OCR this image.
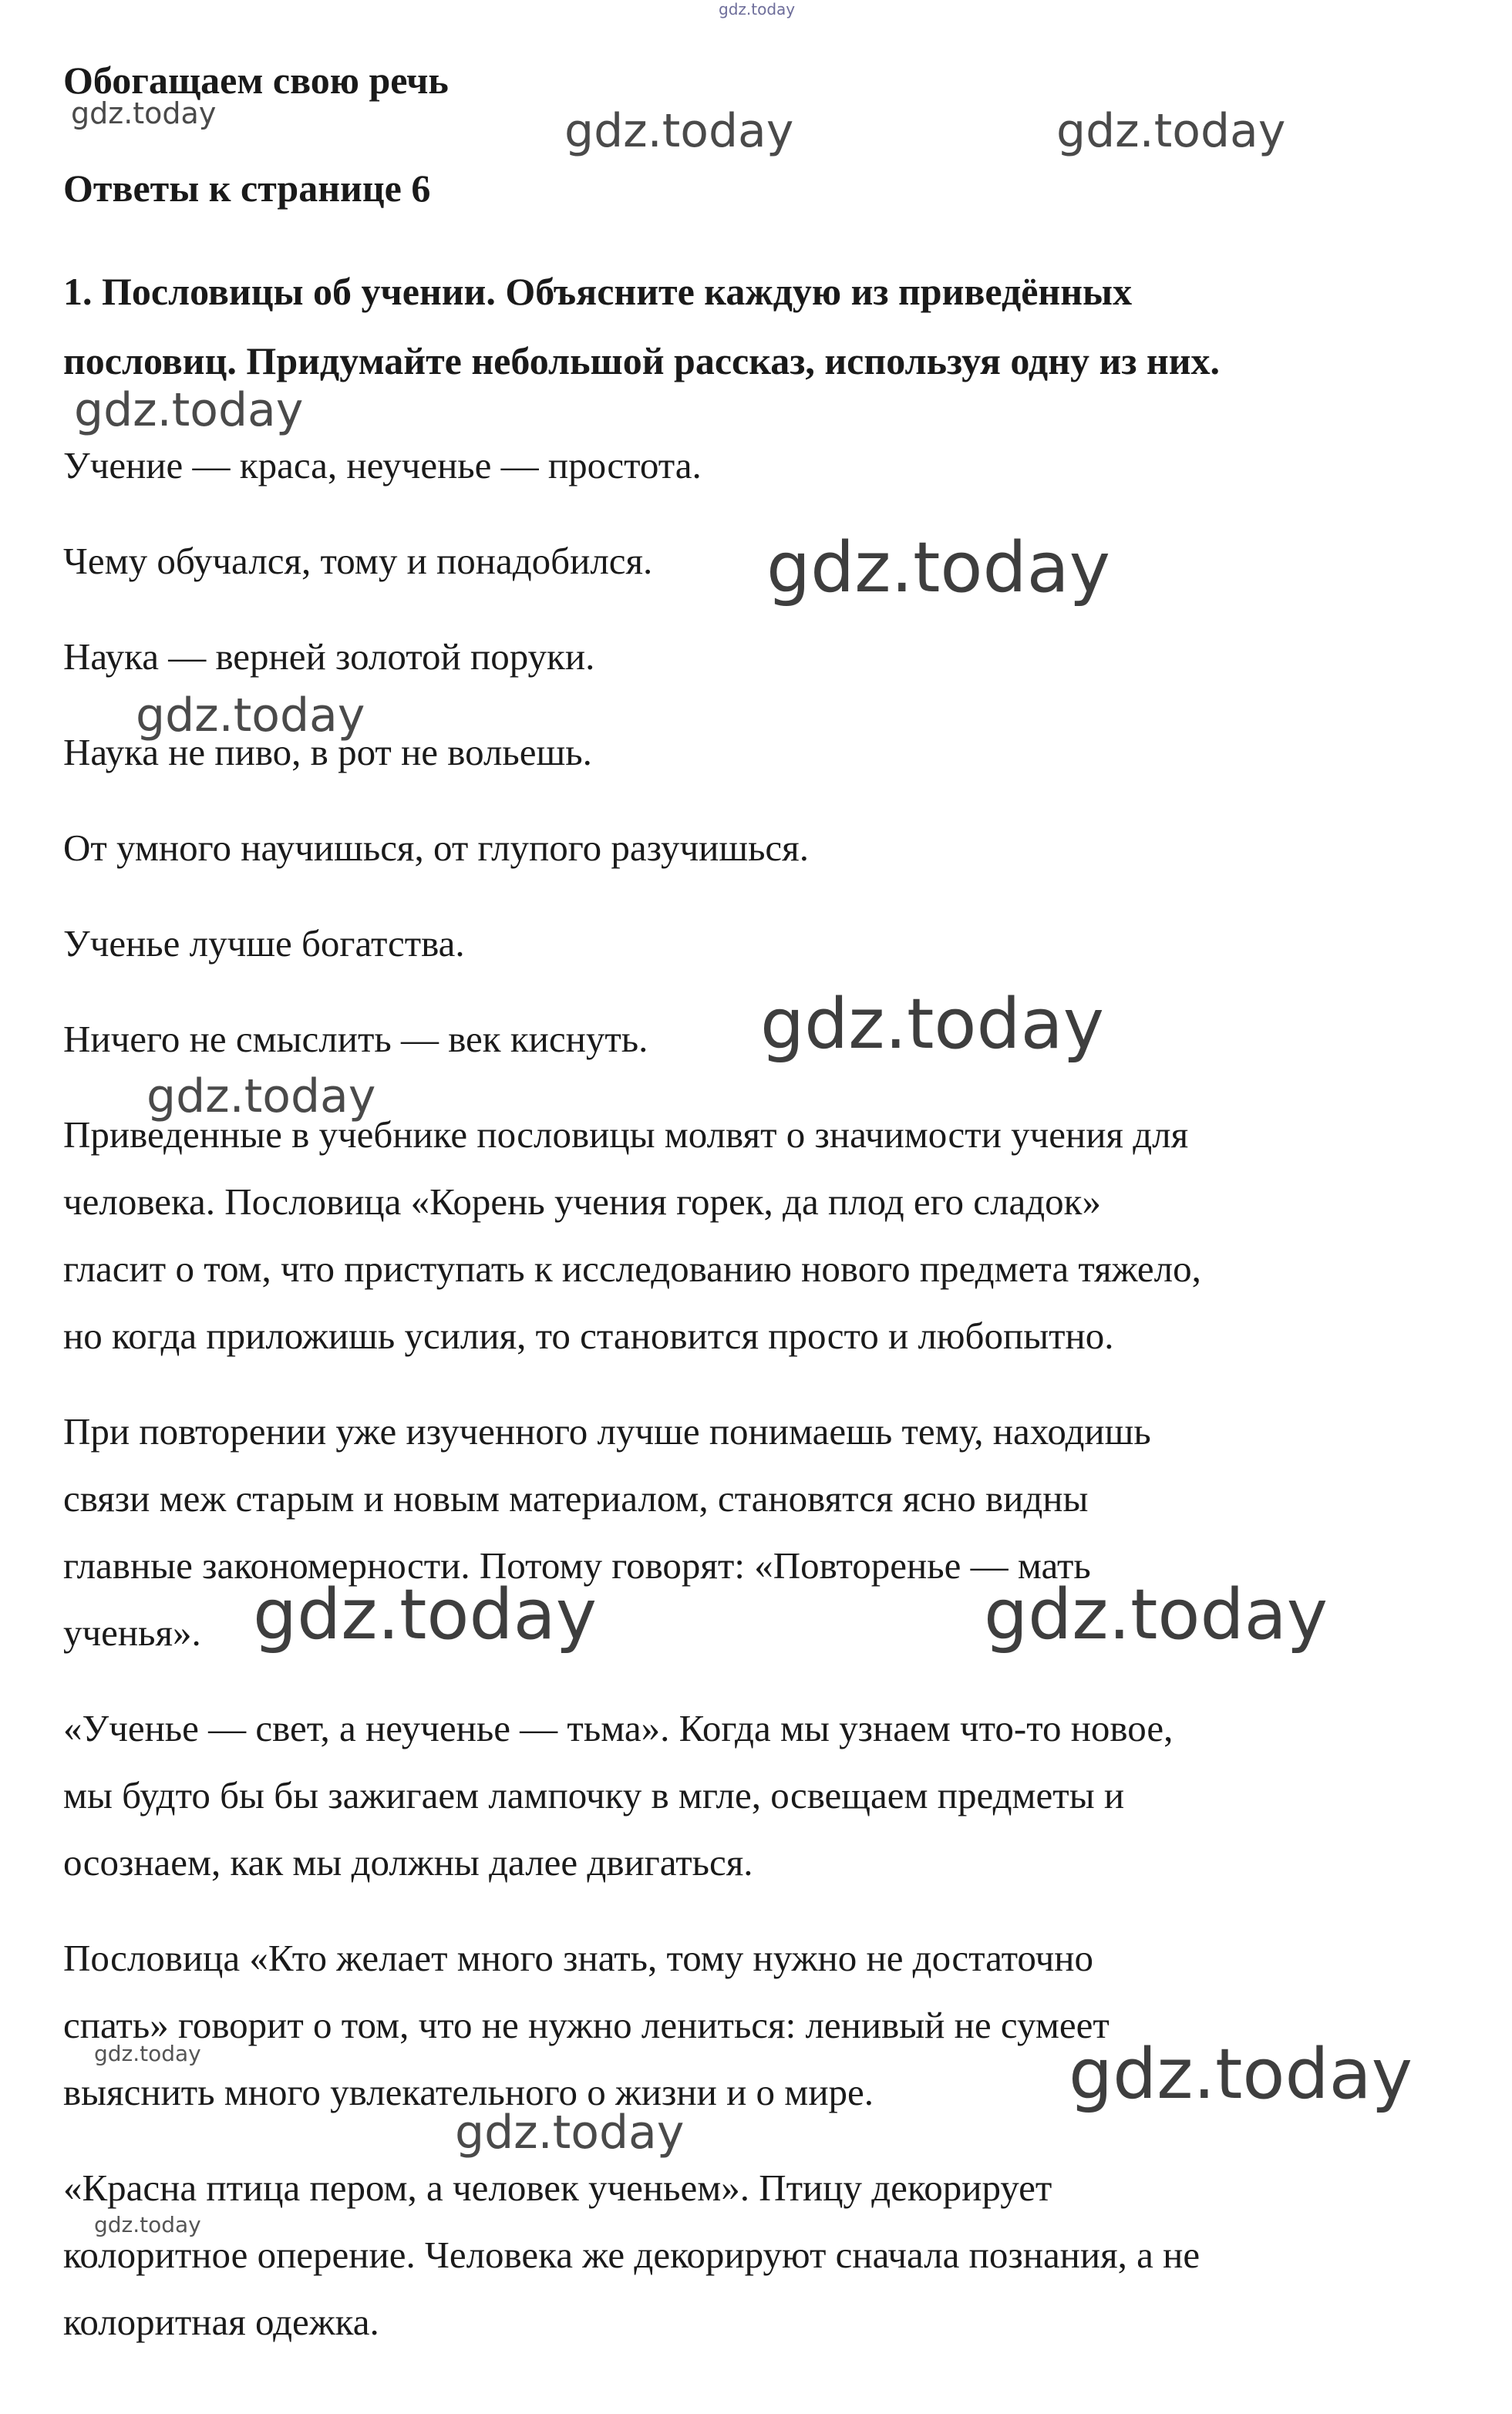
Обогащаем свою речь
Ответы к странице 6
1. Пословицы об учении. Объясните каждую из приведённых
пословиц. Придумайте небольшой рассказ, используя одну из них.
Учение — краса, неученье — простота.
Чему обучался, тому и понадобился.
Наука — верней золотой поруки.
Наука не пиво, в рот не вольешь.
От умного научишься, от глупого разучишься.
Ученье лучше богатства.
Ничего не смыслить — век киснуть.
Приведенные в учебнике пословицы молвят о значимости учения для
человека. Пословица «Корень учения горек, да плод его сладок»
гласит о том, что приступать к исследованию нового предмета тяжело,
но когда приложишь усилия, то становится просто и любопытно.
При повторении уже изученного лучше понимаешь тему, находишь
связи меж старым и новым материалом, становятся ясно видны
главные закономерности. Потому говорят: «Повторенье — мать
ученья».
«Ученье — свет, а неученье — тьма». Когда мы узнаем что-то новое,
мы будто бы бы зажигаем лампочку в мгле, освещаем предметы и
осознаем, как мы должны далее двигаться.
Пословица «Кто желает много знать, тому нужно не достаточно
спать» говорит о том, что не нужно лениться: ленивый не сумеет
выяснить много увлекательного о жизни и о мире.
«Красна птица пером, а человек ученьем». Птицу декорирует
колоритное оперение. Человека же декорируют сначала познания, а не
колоритная одежка.
gdz.today
gdz.today	gdz.today	gdz.today
gdz.today
gdz.today
gdz.today
gdz.today
gdz.today
gdz.today	gdz.today
gdz.today	gdz.today
gdz.today
gdz.today
